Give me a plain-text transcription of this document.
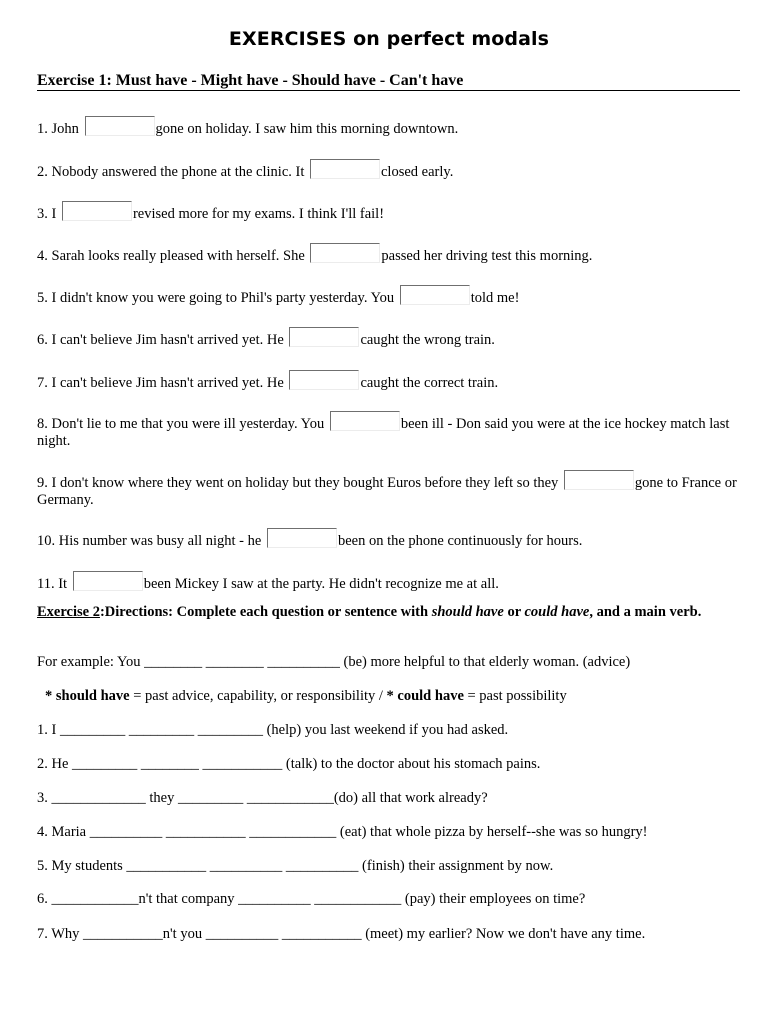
EXERCISES on perfect modals
Exercise 1: Must have - Might have - Should have - Can't have
1. John	gone on holiday. I saw him this morning downtown.
2. Nobody answered the phone at the clinic. It	closed early.
3. I	revised more for my exams. I think I'll fail!
4. Sarah looks really pleased with herself. She	passed her driving test this morning.
5. I didn't know you were going to Phil's party yesterday. You	told me!
6. I can't believe Jim hasn't arrived yet. He	caught the wrong train.
7. I can't believe Jim hasn't arrived yet. He	caught the correct train.
8. Don't lie to me that you were ill yesterday. You	been ill - Don said you were at the ice hockey match last night.
9. I don't know where they went on holiday but they bought Euros before they left so they	gone to France or Germany.
10. His number was busy all night - he	been on the phone continuously for hours.
11. It	been Mickey I saw at the party. He didn't recognize me at all.
Exercise 2:Directions: Complete each question or sentence with should have or could have, and a main verb.
For example: You ________ ________ __________ (be) more helpful to that elderly woman. (advice)
* should have = past advice, capability, or responsibility / * could have = past possibility
1. I _________ _________ _________ (help) you last weekend if you had asked.
2. He _________ ________ ___________ (talk) to the doctor about his stomach pains.
3. _____________ they _________ ____________(do) all that work already?
4. Maria __________ ___________ ____________ (eat) that whole pizza by herself--she was so hungry!
5. My students ___________ __________ __________ (finish) their assignment by now.
6. ____________n't that company __________ ____________ (pay) their employees on time?
7. Why ___________n't you __________ ___________ (meet) my earlier? Now we don't have any time.
